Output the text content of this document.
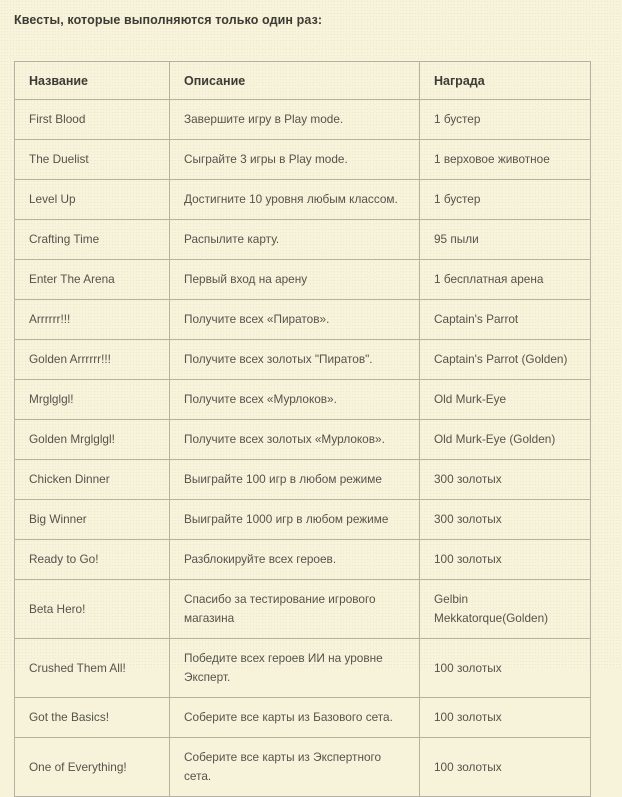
Квесты, которые выполняются только один раз:
Название	Описание	Награда
First Blood	Завершите игру в Play mode.	1 бустер
The Duelist	Сыграйте 3 игры в Play mode.	1 верховое животное
Level Up	Достигните 10 уровня любым классом.	1 бустер
Crafting Time	Распылите карту.	95 пыли
Enter The Arena	Первый вход на арену	1 бесплатная арена
Arrrrrr!!!	Получите всех «Пиратов».	Captain's Parrot
Golden Arrrrrr!!!	Получите всех золотых "Пиратов".	Captain's Parrot (Golden)
Mrglglgl!	Получите всех «Мурлоков».	Old Murk-Eye
Golden Mrglglgl!	Получите всех золотых «Мурлоков».	Old Murk-Eye (Golden)
Chicken Dinner	Выиграйте 100 игр в любом режиме	300 золотых
Big Winner	Выиграйте 1000 игр в любом режиме	300 золотых
Ready to Go!	Разблокируйте всех героев.	100 золотых
Beta Hero!	Спасибо за тестирование игрового магазина	Gelbin Mekkatorque(Golden)
Crushed Them All!	Победите всех героев ИИ на уровне Эксперт.	100 золотых
Got the Basics!	Соберите все карты из Базового сета.	100 золотых
One of Everything!	Соберите все карты из Экспертного сета.	100 золотых
